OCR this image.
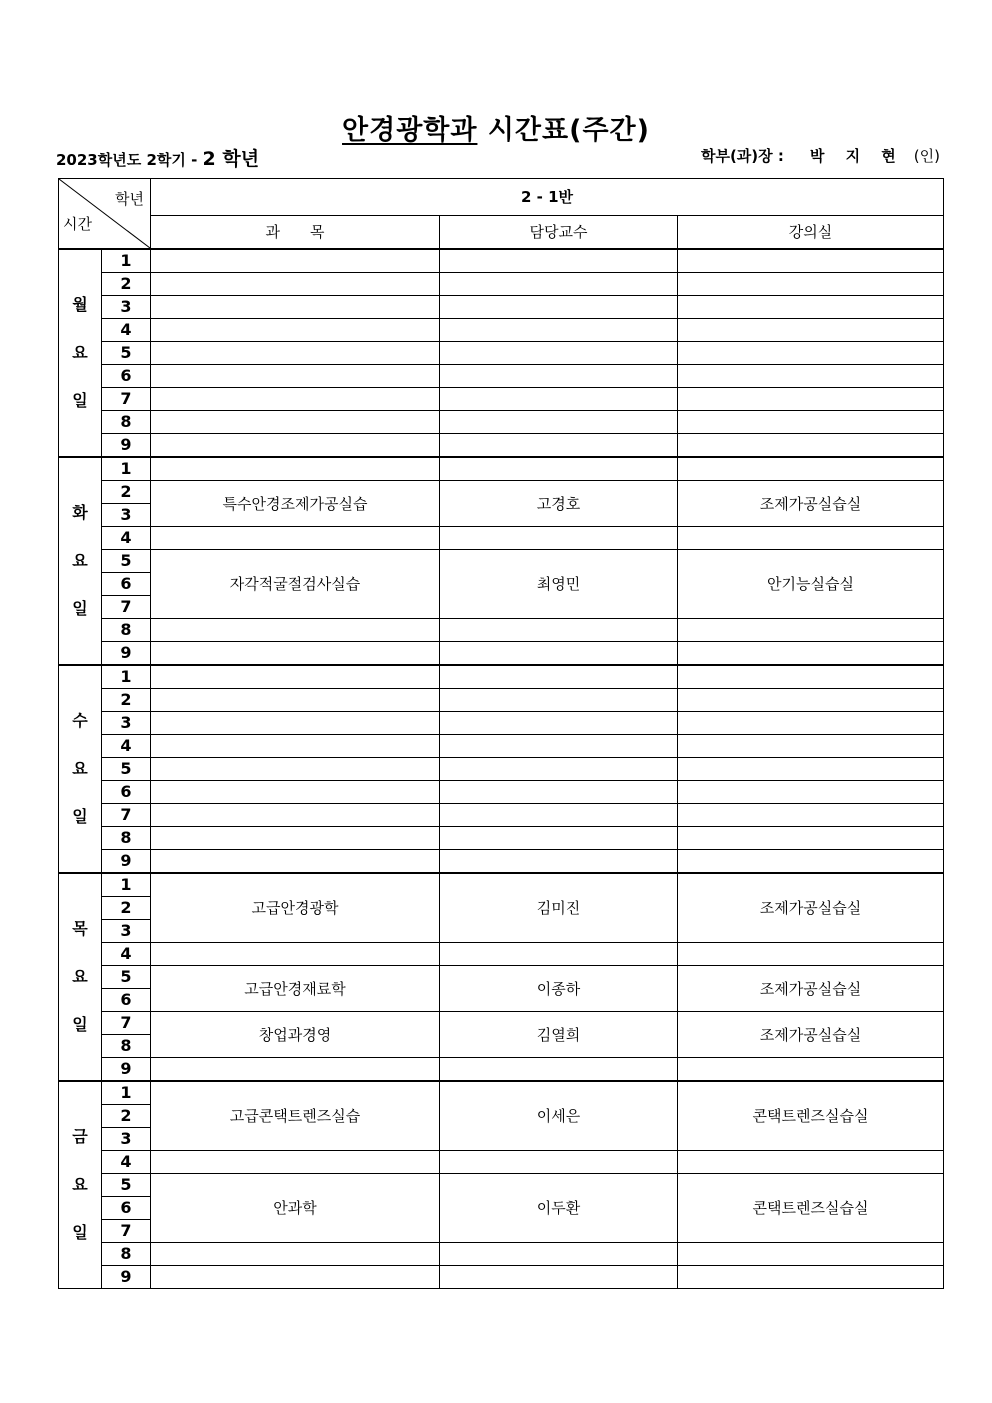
안경광학과 시간표(주간)
2023학년도 2학기 - 2 학년	학부(과)장 : 박 지 현 (인)
학년
시간		2 - 1반		
		과　　목	담당교수	강의실

월
요
일	1			
	2			
	3			
	4			
	5			
	6			
	7			
	8			
	9			

화
요
일	1			
	2	특수안경조제가공실습	고경호	조제가공실습실
	3			
	4			
	5	자각적굴절검사실습	최영민	안기능실습실
	6			
	7			
	8			
	9			

수
요
일	1			
	2			
	3			
	4			
	5			
	6			
	7			
	8			
	9			

목
요
일	1	고급안경광학	김미진	조제가공실습실
	2			
	3			
	4			
	5	고급안경재료학	이종하	조제가공실습실
	6			
	7	창업과경영	김열희	조제가공실습실
	8			
	9			

금
요
일	1	고급콘택트렌즈실습	이세은	콘택트렌즈실습실
	2			
	3			
	4			
	5	안과학	이두환	콘택트렌즈실습실
	6			
	7			
	8			
	9			
